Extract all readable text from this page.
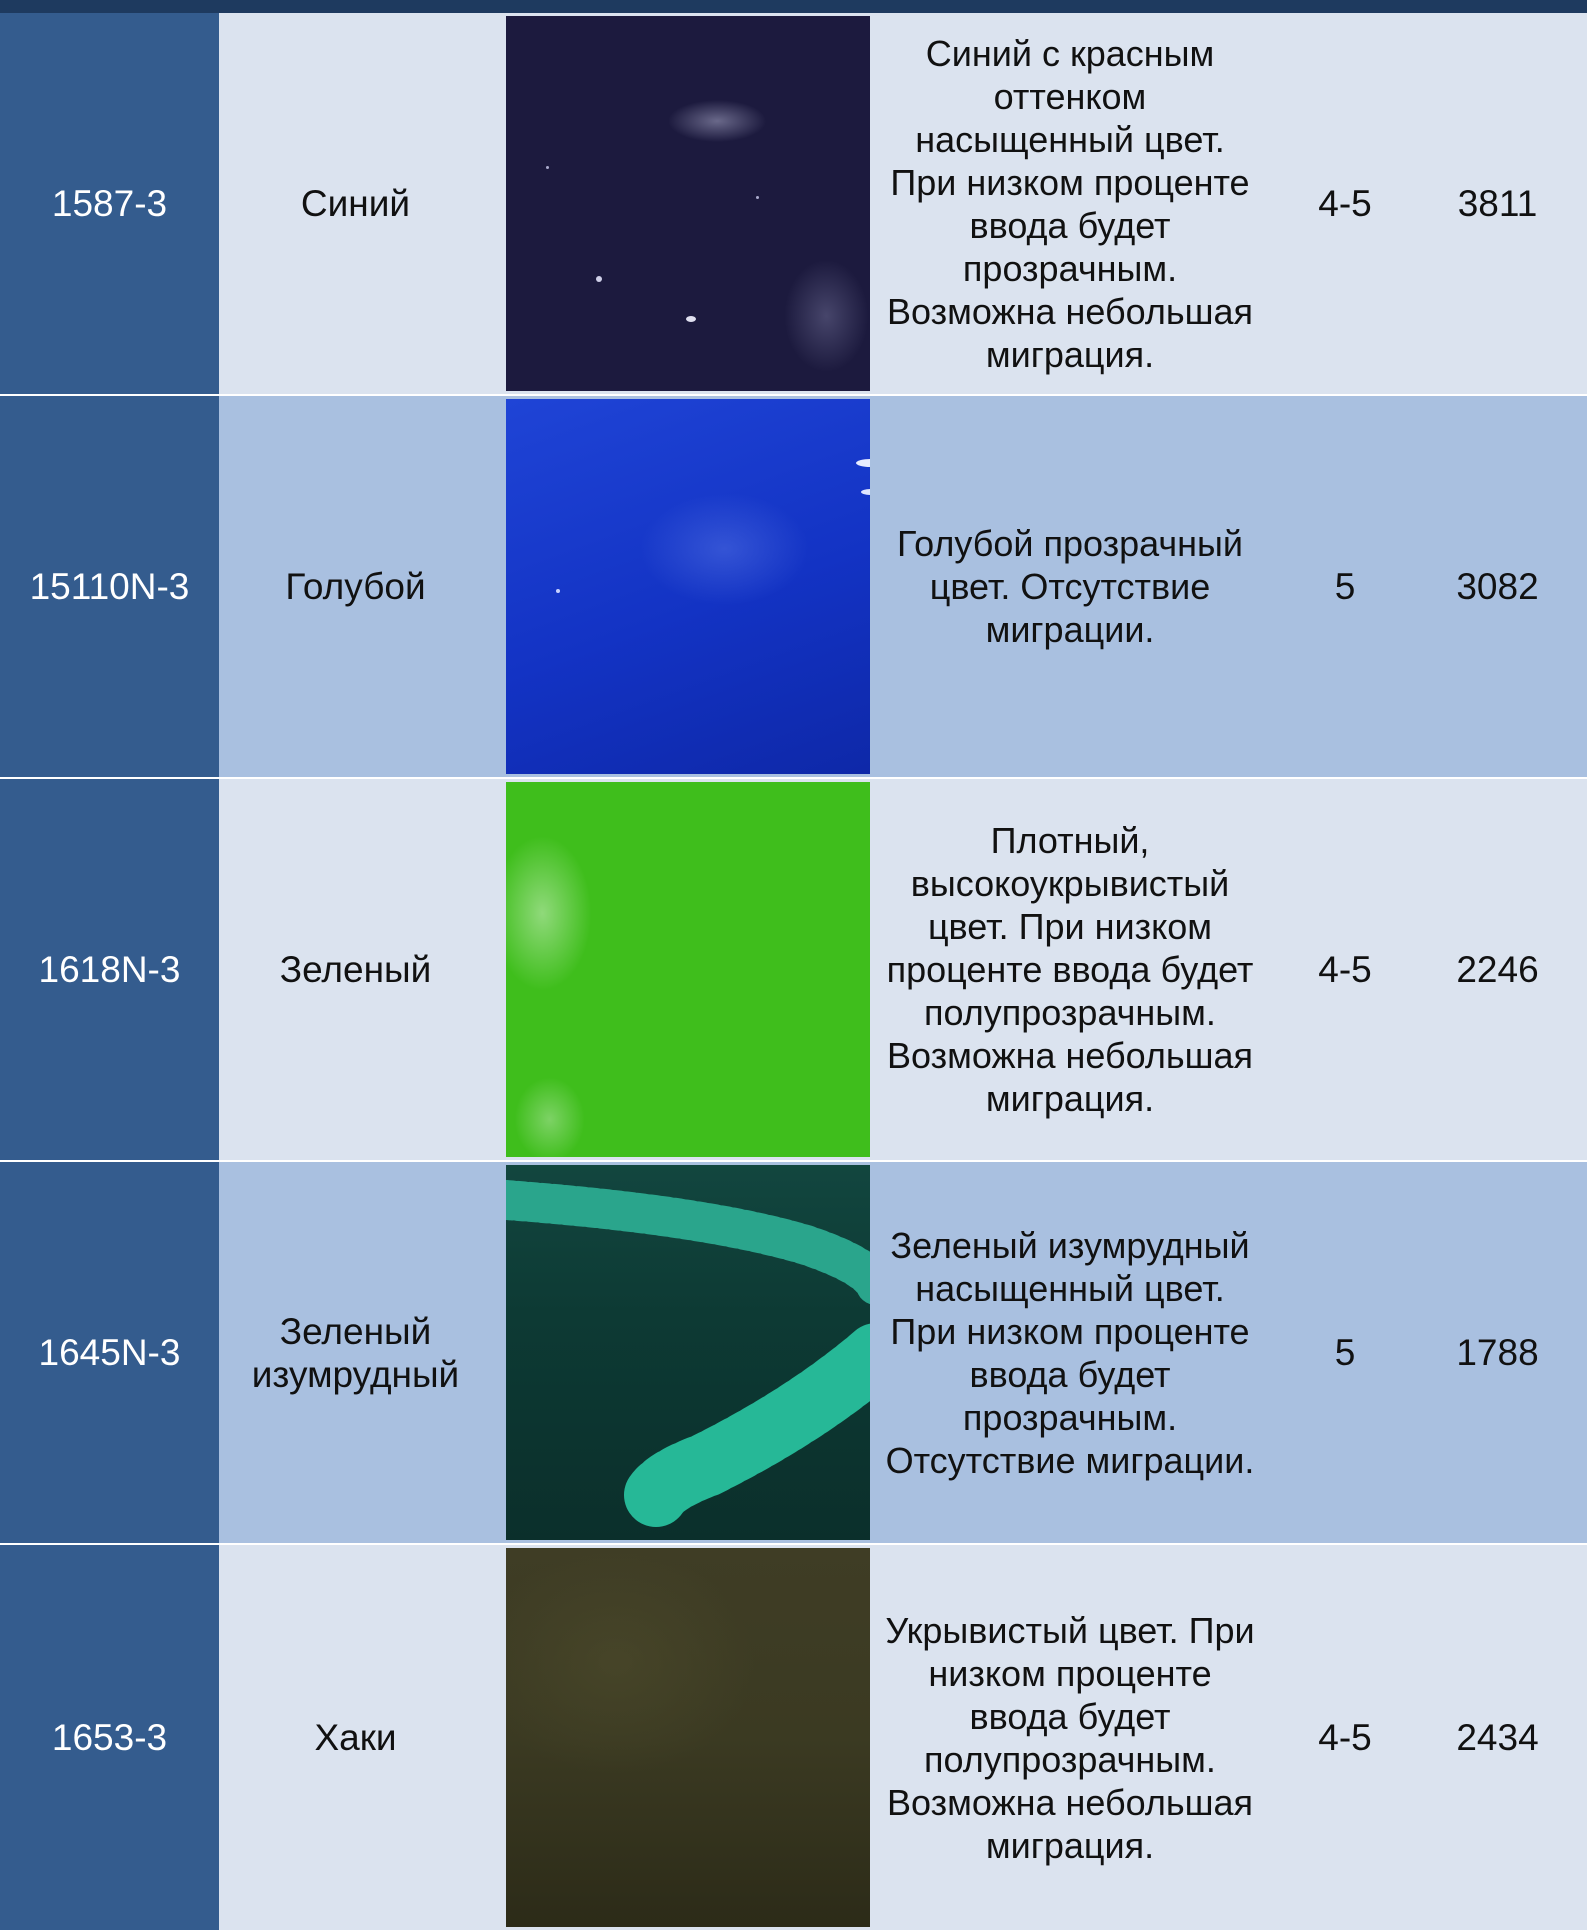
1587-3	Синий
Синий с красным оттенком насыщенный цвет. При низком проценте ввода будет прозрачным. Возможна небольшая миграция.
4-5	3811
15110N-3	Голубой
Голубой прозрачный цвет. Отсутствие миграции.
5	3082
1618N-3	Зеленый
Плотный, высокоукрывистый цвет. При низком проценте ввода будет полупрозрачным. Возможна небольшая миграция.
4-5	2246
1645N-3
Зеленый изумрудный
Зеленый изумрудный насыщенный цвет. При низком проценте ввода будет прозрачным. Отсутствие миграции.
5	1788
1653-3	Хаки
Укрывистый цвет. При низком проценте ввода будет полупрозрачным. Возможна небольшая миграция.
4-5	2434
